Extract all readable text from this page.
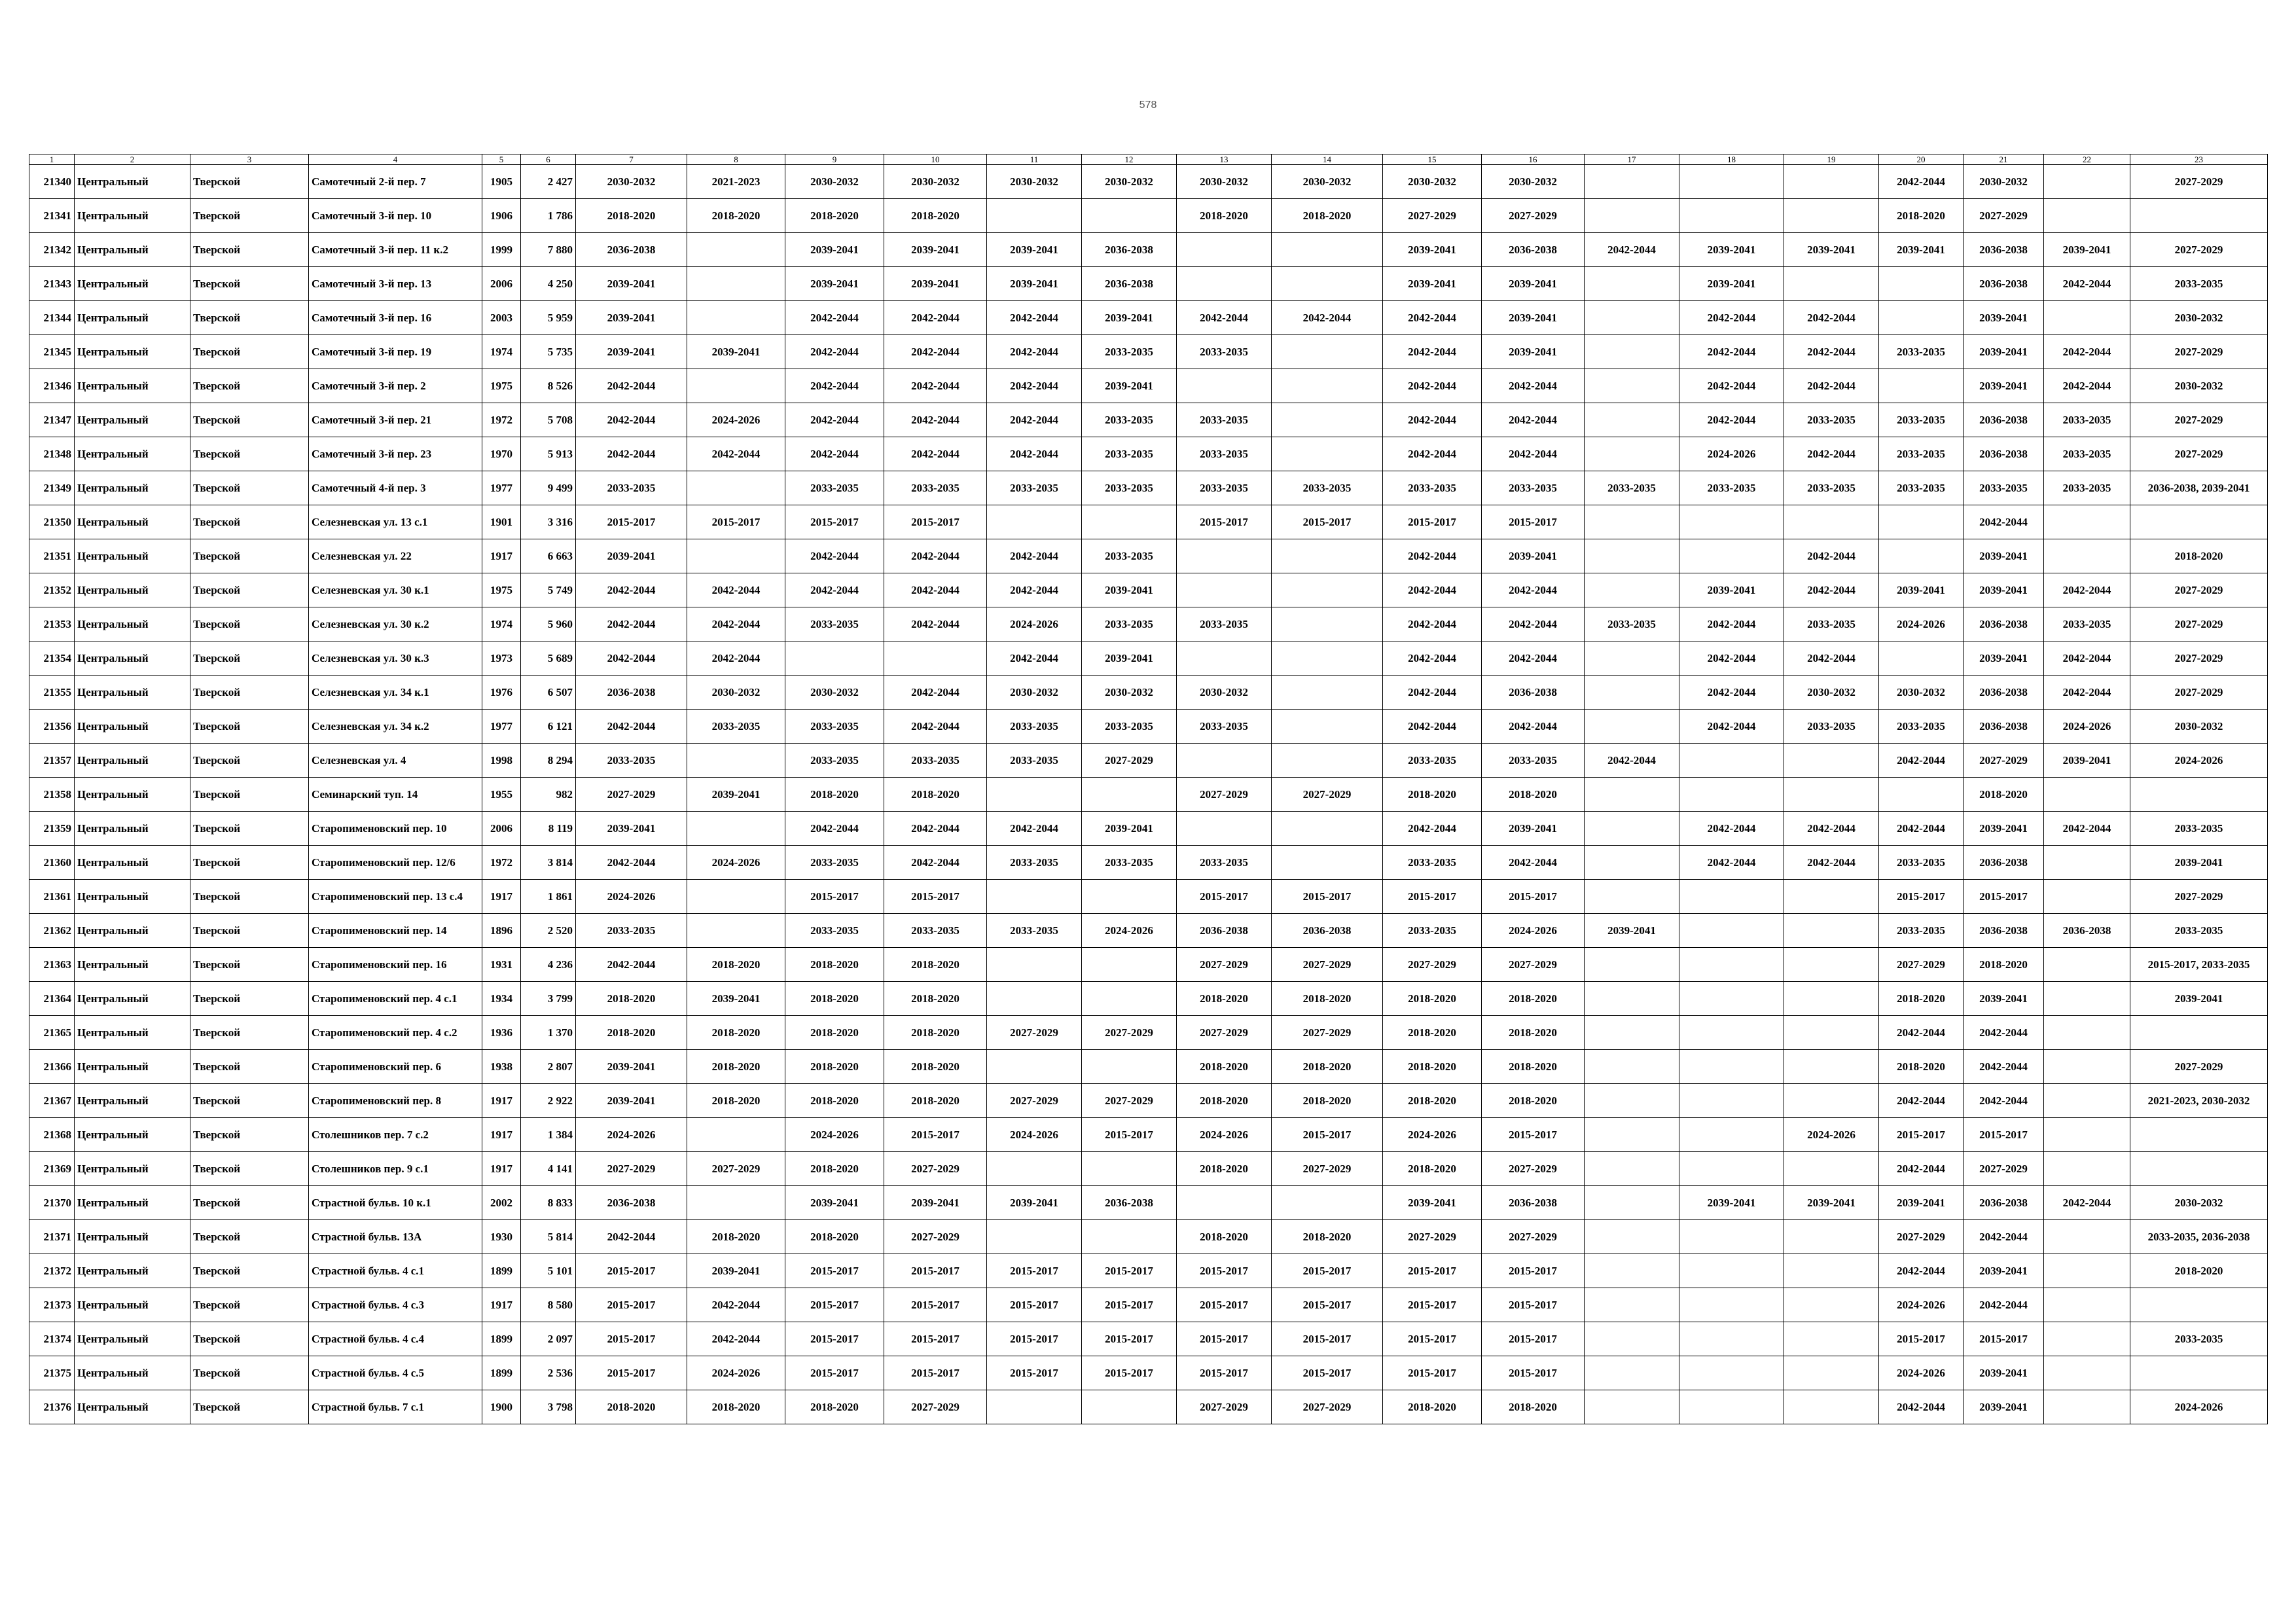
578
1	2	3	4	5	6	7	8	9	10	11	12	13	14	15	16	17	18	19	20	21	22	23
21340	Центральный	Тверской	Самотечный 2-й пер. 7	1905	2 427	2030-2032	2021-2023	2030-2032	2030-2032	2030-2032	2030-2032	2030-2032	2030-2032	2030-2032	2030-2032				2042-2044	2030-2032		2027-2029
21341	Центральный	Тверской	Самотечный 3-й пер. 10	1906	1 786	2018-2020	2018-2020	2018-2020	2018-2020			2018-2020	2018-2020	2027-2029	2027-2029				2018-2020	2027-2029		
21342	Центральный	Тверской	Самотечный 3-й пер. 11 к.2	1999	7 880	2036-2038		2039-2041	2039-2041	2039-2041	2036-2038			2039-2041	2036-2038	2042-2044	2039-2041	2039-2041	2039-2041	2036-2038	2039-2041	2027-2029
21343	Центральный	Тверской	Самотечный 3-й пер. 13	2006	4 250	2039-2041		2039-2041	2039-2041	2039-2041	2036-2038			2039-2041	2039-2041		2039-2041			2036-2038	2042-2044	2033-2035
21344	Центральный	Тверской	Самотечный 3-й пер. 16	2003	5 959	2039-2041		2042-2044	2042-2044	2042-2044	2039-2041	2042-2044	2042-2044	2042-2044	2039-2041		2042-2044	2042-2044		2039-2041		2030-2032
21345	Центральный	Тверской	Самотечный 3-й пер. 19	1974	5 735	2039-2041	2039-2041	2042-2044	2042-2044	2042-2044	2033-2035	2033-2035		2042-2044	2039-2041		2042-2044	2042-2044	2033-2035	2039-2041	2042-2044	2027-2029
21346	Центральный	Тверской	Самотечный 3-й пер. 2	1975	8 526	2042-2044		2042-2044	2042-2044	2042-2044	2039-2041			2042-2044	2042-2044		2042-2044	2042-2044		2039-2041	2042-2044	2030-2032
21347	Центральный	Тверской	Самотечный 3-й пер. 21	1972	5 708	2042-2044	2024-2026	2042-2044	2042-2044	2042-2044	2033-2035	2033-2035		2042-2044	2042-2044		2042-2044	2033-2035	2033-2035	2036-2038	2033-2035	2027-2029
21348	Центральный	Тверской	Самотечный 3-й пер. 23	1970	5 913	2042-2044	2042-2044	2042-2044	2042-2044	2042-2044	2033-2035	2033-2035		2042-2044	2042-2044		2024-2026	2042-2044	2033-2035	2036-2038	2033-2035	2027-2029
21349	Центральный	Тверской	Самотечный 4-й пер. 3	1977	9 499	2033-2035		2033-2035	2033-2035	2033-2035	2033-2035	2033-2035	2033-2035	2033-2035	2033-2035	2033-2035	2033-2035	2033-2035	2033-2035	2033-2035	2033-2035	2036-2038, 2039-2041
21350	Центральный	Тверской	Селезневская ул. 13 с.1	1901	3 316	2015-2017	2015-2017	2015-2017	2015-2017			2015-2017	2015-2017	2015-2017	2015-2017					2042-2044		
21351	Центральный	Тверской	Селезневская ул. 22	1917	6 663	2039-2041		2042-2044	2042-2044	2042-2044	2033-2035			2042-2044	2039-2041			2042-2044		2039-2041		2018-2020
21352	Центральный	Тверской	Селезневская ул. 30 к.1	1975	5 749	2042-2044	2042-2044	2042-2044	2042-2044	2042-2044	2039-2041			2042-2044	2042-2044		2039-2041	2042-2044	2039-2041	2039-2041	2042-2044	2027-2029
21353	Центральный	Тверской	Селезневская ул. 30 к.2	1974	5 960	2042-2044	2042-2044	2033-2035	2042-2044	2024-2026	2033-2035	2033-2035		2042-2044	2042-2044	2033-2035	2042-2044	2033-2035	2024-2026	2036-2038	2033-2035	2027-2029
21354	Центральный	Тверской	Селезневская ул. 30 к.3	1973	5 689	2042-2044	2042-2044			2042-2044	2039-2041			2042-2044	2042-2044		2042-2044	2042-2044		2039-2041	2042-2044	2027-2029
21355	Центральный	Тверской	Селезневская ул. 34 к.1	1976	6 507	2036-2038	2030-2032	2030-2032	2042-2044	2030-2032	2030-2032	2030-2032		2042-2044	2036-2038		2042-2044	2030-2032	2030-2032	2036-2038	2042-2044	2027-2029
21356	Центральный	Тверской	Селезневская ул. 34 к.2	1977	6 121	2042-2044	2033-2035	2033-2035	2042-2044	2033-2035	2033-2035	2033-2035		2042-2044	2042-2044		2042-2044	2033-2035	2033-2035	2036-2038	2024-2026	2030-2032
21357	Центральный	Тверской	Селезневская ул. 4	1998	8 294	2033-2035		2033-2035	2033-2035	2033-2035	2027-2029			2033-2035	2033-2035	2042-2044			2042-2044	2027-2029	2039-2041	2024-2026
21358	Центральный	Тверской	Семинарский туп. 14	1955	982	2027-2029	2039-2041	2018-2020	2018-2020			2027-2029	2027-2029	2018-2020	2018-2020					2018-2020		
21359	Центральный	Тверской	Старопименовский пер. 10	2006	8 119	2039-2041		2042-2044	2042-2044	2042-2044	2039-2041			2042-2044	2039-2041		2042-2044	2042-2044	2042-2044	2039-2041	2042-2044	2033-2035
21360	Центральный	Тверской	Старопименовский пер. 12/6	1972	3 814	2042-2044	2024-2026	2033-2035	2042-2044	2033-2035	2033-2035	2033-2035		2033-2035	2042-2044		2042-2044	2042-2044	2033-2035	2036-2038		2039-2041
21361	Центральный	Тверской	Старопименовский пер. 13 с.4	1917	1 861	2024-2026		2015-2017	2015-2017			2015-2017	2015-2017	2015-2017	2015-2017				2015-2017	2015-2017		2027-2029
21362	Центральный	Тверской	Старопименовский пер. 14	1896	2 520	2033-2035		2033-2035	2033-2035	2033-2035	2024-2026	2036-2038	2036-2038	2033-2035	2024-2026	2039-2041			2033-2035	2036-2038	2036-2038	2033-2035
21363	Центральный	Тверской	Старопименовский пер. 16	1931	4 236	2042-2044	2018-2020	2018-2020	2018-2020			2027-2029	2027-2029	2027-2029	2027-2029				2027-2029	2018-2020		2015-2017, 2033-2035
21364	Центральный	Тверской	Старопименовский пер. 4 с.1	1934	3 799	2018-2020	2039-2041	2018-2020	2018-2020			2018-2020	2018-2020	2018-2020	2018-2020				2018-2020	2039-2041		2039-2041
21365	Центральный	Тверской	Старопименовский пер. 4 с.2	1936	1 370	2018-2020	2018-2020	2018-2020	2018-2020	2027-2029	2027-2029	2027-2029	2027-2029	2018-2020	2018-2020				2042-2044	2042-2044		
21366	Центральный	Тверской	Старопименовский пер. 6	1938	2 807	2039-2041	2018-2020	2018-2020	2018-2020			2018-2020	2018-2020	2018-2020	2018-2020				2018-2020	2042-2044		2027-2029
21367	Центральный	Тверской	Старопименовский пер. 8	1917	2 922	2039-2041	2018-2020	2018-2020	2018-2020	2027-2029	2027-2029	2018-2020	2018-2020	2018-2020	2018-2020				2042-2044	2042-2044		2021-2023, 2030-2032
21368	Центральный	Тверской	Столешников пер. 7 с.2	1917	1 384	2024-2026		2024-2026	2015-2017	2024-2026	2015-2017	2024-2026	2015-2017	2024-2026	2015-2017			2024-2026	2015-2017	2015-2017		
21369	Центральный	Тверской	Столешников пер. 9 с.1	1917	4 141	2027-2029	2027-2029	2018-2020	2027-2029			2018-2020	2027-2029	2018-2020	2027-2029				2042-2044	2027-2029		
21370	Центральный	Тверской	Страстной бульв. 10 к.1	2002	8 833	2036-2038		2039-2041	2039-2041	2039-2041	2036-2038			2039-2041	2036-2038		2039-2041	2039-2041	2039-2041	2036-2038	2042-2044	2030-2032
21371	Центральный	Тверской	Страстной бульв. 13А	1930	5 814	2042-2044	2018-2020	2018-2020	2027-2029			2018-2020	2018-2020	2027-2029	2027-2029				2027-2029	2042-2044		2033-2035, 2036-2038
21372	Центральный	Тверской	Страстной бульв. 4 с.1	1899	5 101	2015-2017	2039-2041	2015-2017	2015-2017	2015-2017	2015-2017	2015-2017	2015-2017	2015-2017	2015-2017				2042-2044	2039-2041		2018-2020
21373	Центральный	Тверской	Страстной бульв. 4 с.3	1917	8 580	2015-2017	2042-2044	2015-2017	2015-2017	2015-2017	2015-2017	2015-2017	2015-2017	2015-2017	2015-2017				2024-2026	2042-2044		
21374	Центральный	Тверской	Страстной бульв. 4 с.4	1899	2 097	2015-2017	2042-2044	2015-2017	2015-2017	2015-2017	2015-2017	2015-2017	2015-2017	2015-2017	2015-2017				2015-2017	2015-2017		2033-2035
21375	Центральный	Тверской	Страстной бульв. 4 с.5	1899	2 536	2015-2017	2024-2026	2015-2017	2015-2017	2015-2017	2015-2017	2015-2017	2015-2017	2015-2017	2015-2017				2024-2026	2039-2041		
21376	Центральный	Тверской	Страстной бульв. 7 с.1	1900	3 798	2018-2020	2018-2020	2018-2020	2027-2029			2027-2029	2027-2029	2018-2020	2018-2020				2042-2044	2039-2041		2024-2026
